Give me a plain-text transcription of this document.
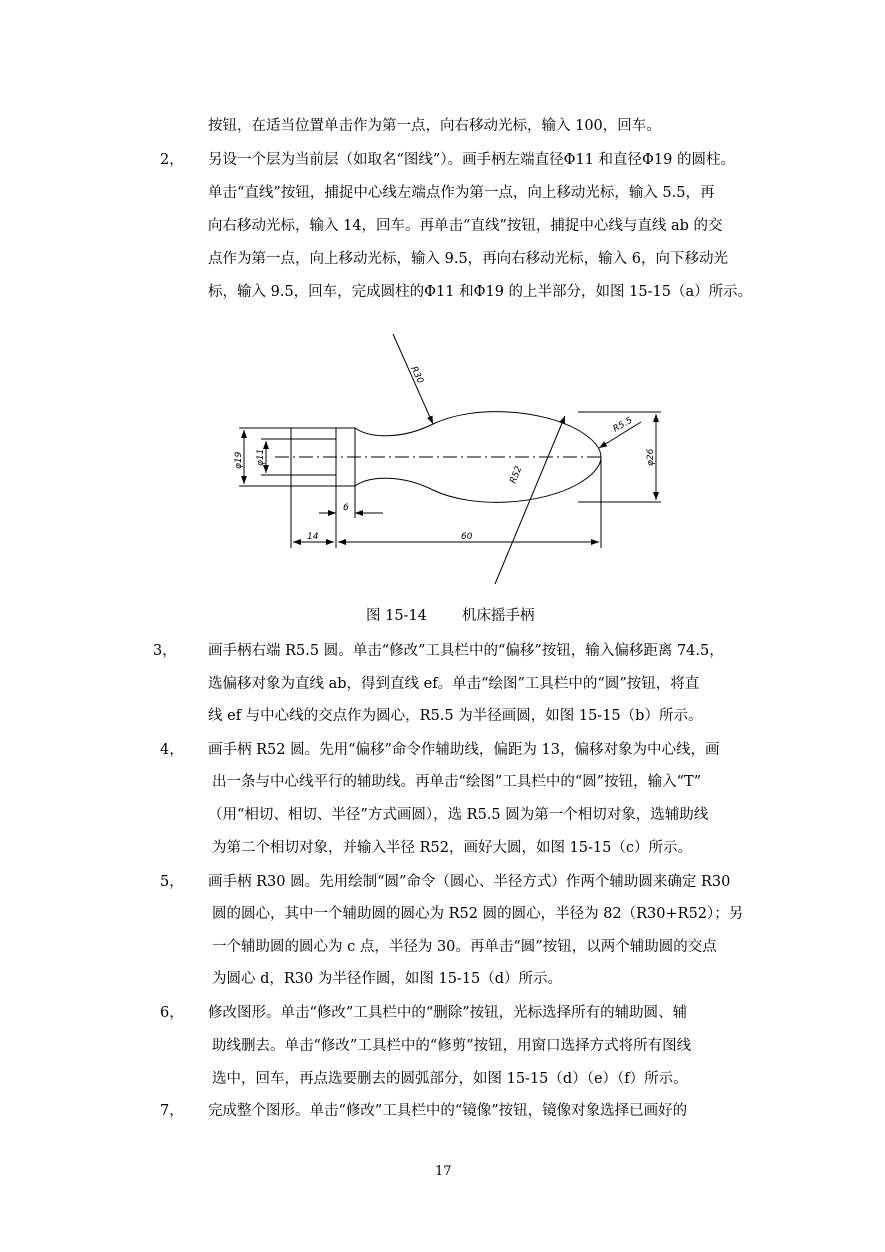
按钮，在适当位置单击作为第一点，向右移动光标，输入 100，回车。
2， 另设一个层为当前层（如取名“图线”）。画手柄左端直径Φ11 和直径Φ19 的圆柱。
单击“直线”按钮，捕捉中心线左端点作为第一点，向上移动光标，输入 5.5，再
向右移动光标，输入 14，回车。再单击“直线”按钮，捕捉中心线与直线 ab 的交
点作为第一点，向上移动光标，输入 9.5，再向右移动光标，输入 6，向下移动光
标，输入 9.5，回车，完成圆柱的Φ11 和Φ19 的上半部分，如图 15-15（a）所示。
R30
R5.5
R52
φ19 φ11	φ26
6
14	60
图 15-14 机床摇手柄
3， 画手柄右端 R5.5 圆。单击“修改”工具栏中的“偏移”按钮，输入偏移距离 74.5，
选偏移对象为直线 ab，得到直线 ef。单击“绘图”工具栏中的“圆”按钮，将直
线 ef 与中心线的交点作为圆心，R5.5 为半径画圆，如图 15-15（b）所示。
4， 画手柄 R52 圆。先用“偏移”命令作辅助线，偏距为 13，偏移对象为中心线，画
出一条与中心线平行的辅助线。再单击“绘图”工具栏中的“圆”按钮，输入“T”
（用“相切、相切、半径”方式画圆），选 R5.5 圆为第一个相切对象，选辅助线
为第二个相切对象，并输入半径 R52，画好大圆，如图 15-15（c）所示。
5， 画手柄 R30 圆。先用绘制“圆”命令（圆心、半径方式）作两个辅助圆来确定 R30
圆的圆心，其中一个辅助圆的圆心为 R52 圆的圆心，半径为 82（R30+R52）；另
一个辅助圆的圆心为 c 点，半径为 30。再单击“圆”按钮，以两个辅助圆的交点
为圆心 d，R30 为半径作圆，如图 15-15（d）所示。
6， 修改图形。单击“修改”工具栏中的“删除”按钮，光标选择所有的辅助圆、辅
助线删去。单击“修改”工具栏中的“修剪”按钮，用窗口选择方式将所有图线
选中，回车，再点选要删去的圆弧部分，如图 15-15（d）（e）（f）所示。
7， 完成整个图形。单击“修改”工具栏中的“镜像”按钮，镜像对象选择已画好的
17
